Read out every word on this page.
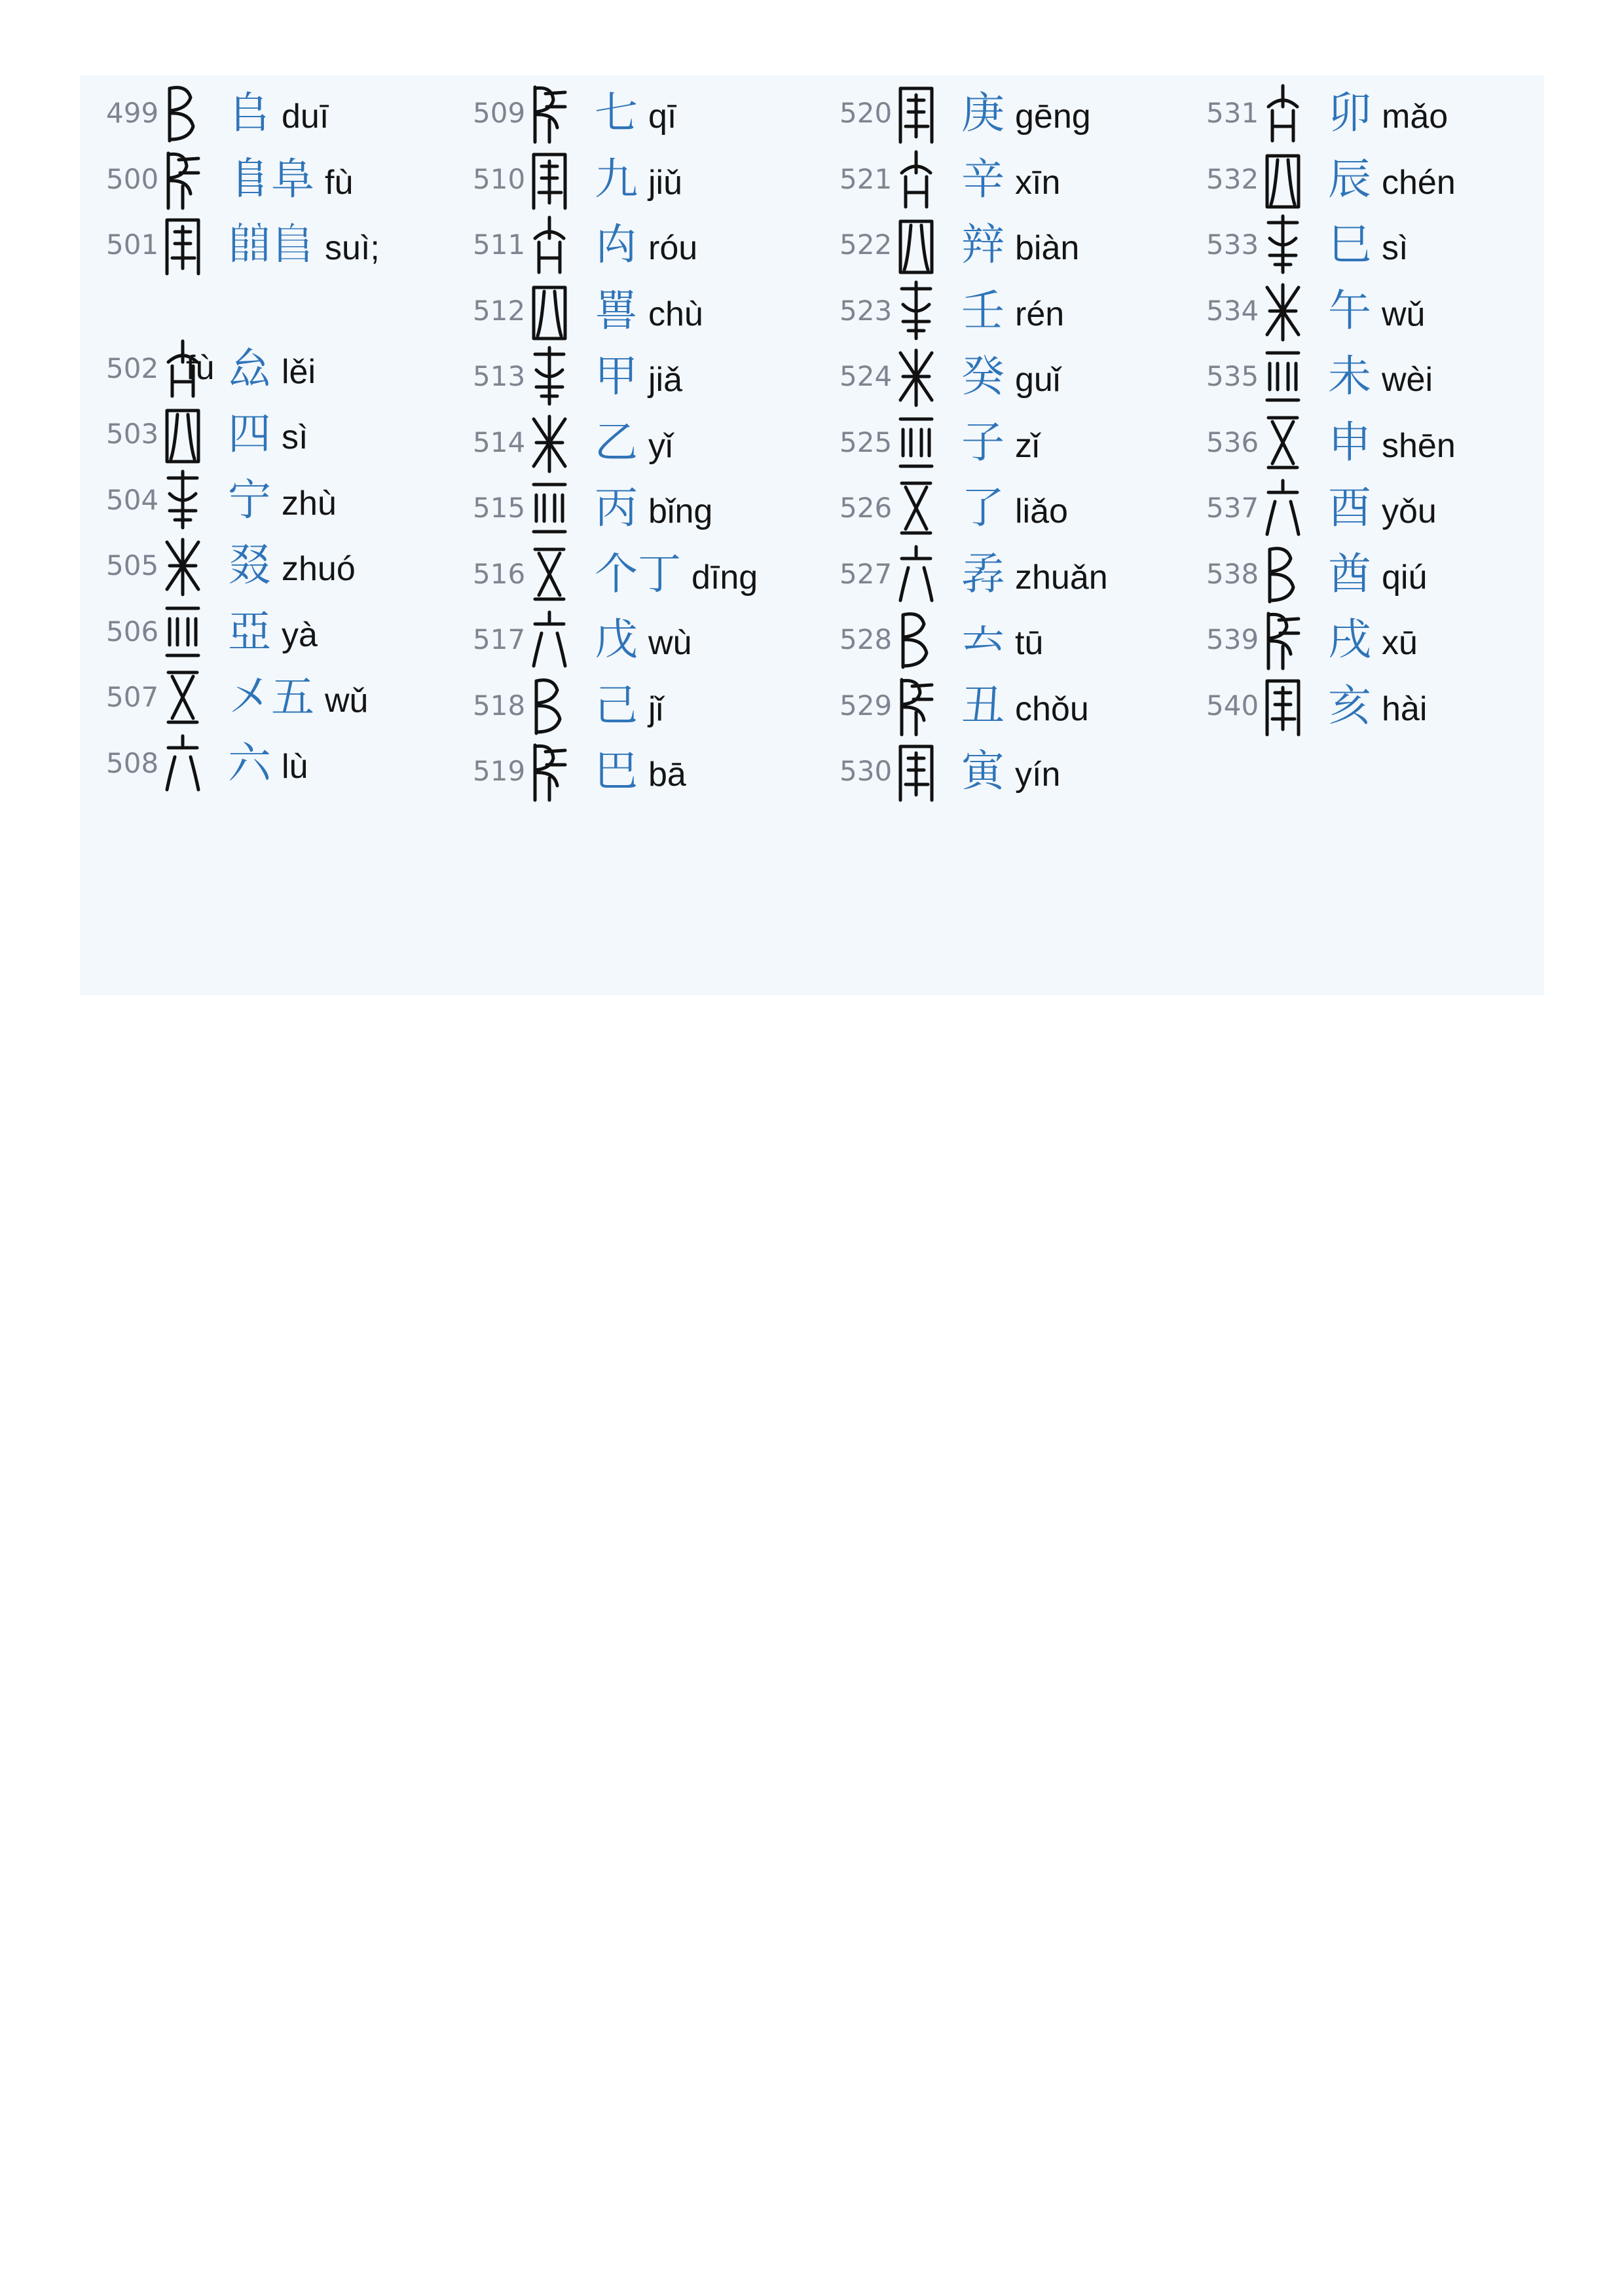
499 𠂤 duī
500 𨸏阜 fù
501 𨺅𨸏 suì;
502 厽 lěi
503 四 sì
504 宁 zhù
505 叕 zhuó
506 亞 yà
507 㐅五 wǔ
508 六 lù
fù
509 七 qī
510 九 jiǔ
511 禸 róu
512 嘼 chù
513 甲 jiǎ
514 乙 yǐ
515 丙 bǐng
516 个丁 dīng
517 戊 wù
518 己 jǐ
519 巴 bā
520 庚 gēng
521 辛 xīn
522 辡 biàn
523 壬 rén
524 癸 guǐ
525 子 zǐ
526 了 liǎo
527 孨 zhuǎn
528 𠫓 tū
529 丑 chǒu
530 寅 yín
531 卯 mǎo
532 辰 chén
533 巳 sì
534 午 wǔ
535 未 wèi
536 申 shēn
537 酉 yǒu
538 酋 qiú
539 戌 xū
540 亥 hài
